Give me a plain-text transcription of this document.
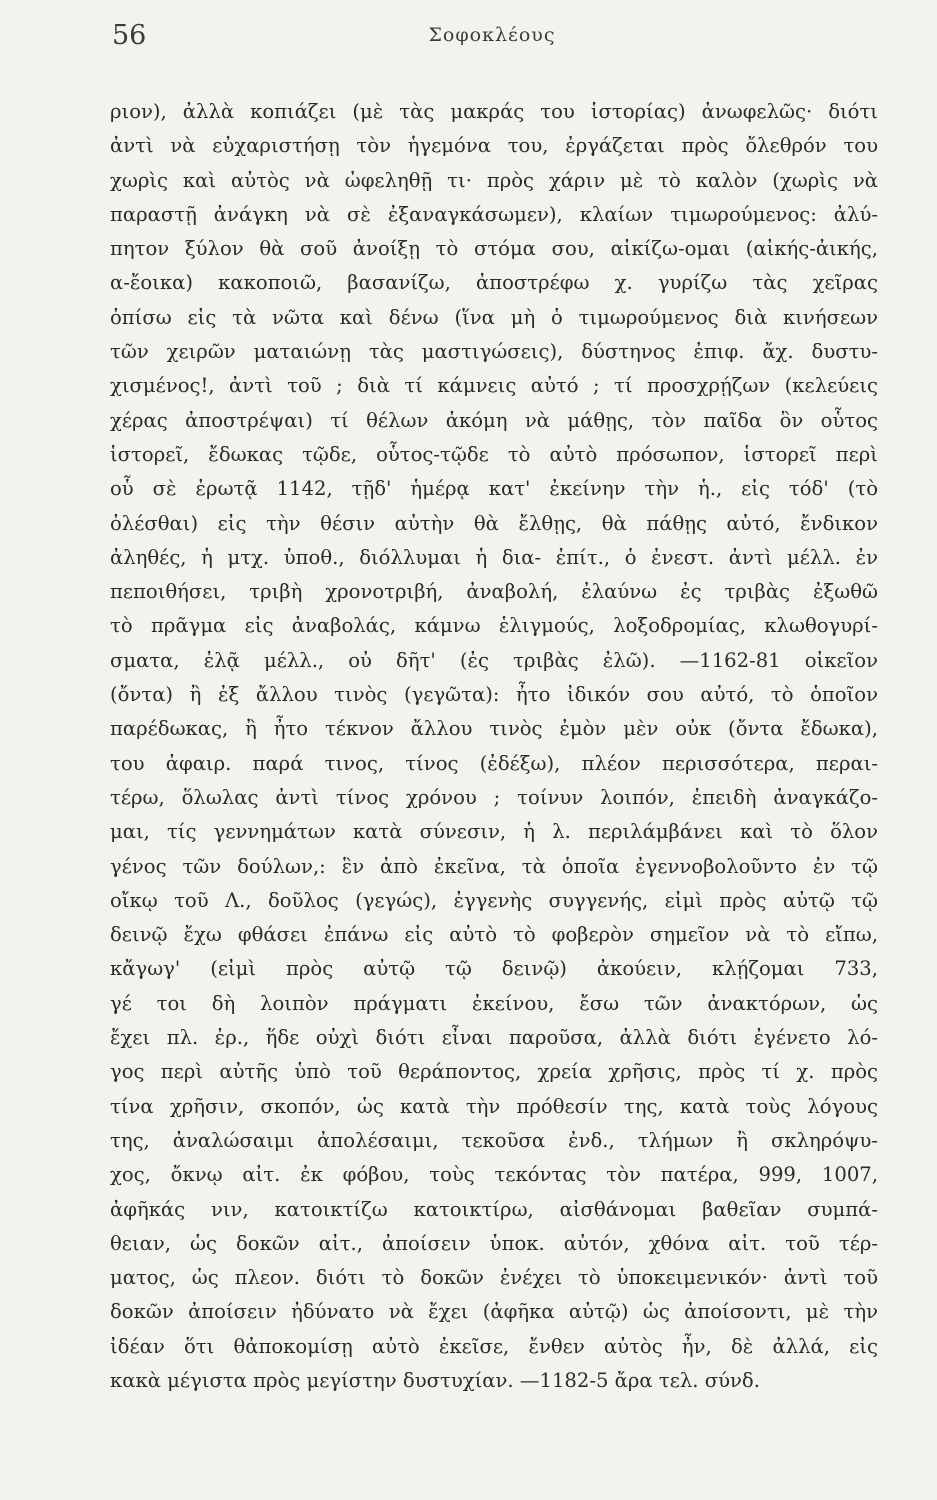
56	Σοφοκλέους
ριον), ἀλλὰ κοπιάζει (μὲ τὰς μακράς του ἱστορίας) ἀνωφελῶς· διότι
ἀντὶ νὰ εὐχαριστήσῃ τὸν ἡγεμόνα του, ἐργάζεται πρὸς ὄλεθρόν του
χωρὶς καὶ αὐτὸς νὰ ὠφεληθῇ τι· πρὸς χάριν μὲ τὸ καλὸν (χωρὶς νὰ
παραστῇ ἀνάγκη νὰ σὲ ἐξαναγκάσωμεν), κλαίων τιμωρούμενος: ἀλύ-
πητον ξύλον θὰ σοῦ ἀνοίξῃ τὸ στόμα σου, αἰκίζω-ομαι (αἰκής-ἀικής,
α-ἔοικα) κακοποιῶ, βασανίζω, ἀποστρέφω χ. γυρίζω τὰς χεῖρας
ὀπίσω εἰς τὰ νῶτα καὶ δένω (ἵνα μὴ ὁ τιμωρούμενος διὰ κινήσεων
τῶν χειρῶν ματαιώνῃ τὰς μαστιγώσεις), δύστηνος ἐπιφ. ἄχ. δυστυ-
χισμένος!, ἀντὶ τοῦ ; διὰ τί κάμνεις αὐτό ; τί προσχρῄζων (κελεύεις
χέρας ἀποστρέψαι) τί θέλων ἀκόμη νὰ μάθῃς, τὸν παῖδα ὃν οὗτος
ἱστορεῖ, ἔδωκας τῷδε, οὗτος-τῷδε τὸ αὐτὸ πρόσωπον, ἱστορεῖ περὶ
οὗ σὲ ἐρωτᾷ 1142, τῇδ' ἡμέρᾳ κατ' ἐκείνην τὴν ἡ., εἰς τόδ' (τὸ
ὀλέσθαι) εἰς τὴν θέσιν αὐτὴν θὰ ἔλθῃς, θὰ πάθῃς αὐτό, ἔνδικον
ἀληθές, ἡ μτχ. ὑποθ., διόλλυμαι ἡ δια- ἐπίτ., ὁ ἐνεστ. ἀντὶ μέλλ. ἐν
πεποιθήσει, τριβὴ χρονοτριβή, ἀναβολή, ἐλαύνω ἐς τριβὰς ἐξωθῶ
τὸ πρᾶγμα εἰς ἀναβολάς, κάμνω ἑλιγμούς, λοξοδρομίας, κλωθογυρί-
σματα, ἐλᾷ μέλλ., οὐ δῆτ' (ἐς τριβὰς ἐλῶ). —1162-81 οἰκεῖον
(ὄντα) ἢ ἐξ ἄλλου τινὸς (γεγῶτα): ἦτο ἰδικόν σου αὐτό, τὸ ὁποῖον
παρέδωκας, ἢ ἦτο τέκνον ἄλλου τινὸς ἐμὸν μὲν οὐκ (ὄντα ἔδωκα),
του ἀφαιρ. παρά τινος, τίνος (ἐδέξω), πλέον περισσότερα, περαι-
τέρω, ὅλωλας ἀντὶ τίνος χρόνου ; τοίνυν λοιπόν, ἐπειδὴ ἀναγκάζο-
μαι, τίς γεννημάτων κατὰ σύνεσιν, ἡ λ. περιλάμβάνει καὶ τὸ ὅλον
γένος τῶν δούλων,: ἓν ἀπὸ ἐκεῖνα, τὰ ὁποῖα ἐγεννοβολοῦντο ἐν τῷ
οἴκῳ τοῦ Λ., δοῦλος (γεγώς), ἐγγενὴς συγγενής, εἰμὶ πρὸς αὐτῷ τῷ
δεινῷ ἔχω φθάσει ἐπάνω εἰς αὐτὸ τὸ φοβερὸν σημεῖον νὰ τὸ εἴπω,
κἄγωγ' (εἰμὶ πρὸς αὐτῷ τῷ δεινῷ) ἀκούειν, κλῄζομαι 733,
γέ τοι δὴ λοιπὸν πράγματι ἐκείνου, ἔσω τῶν ἀνακτόρων, ὡς
ἔχει πλ. ἐρ., ἥδε οὐχὶ διότι εἶναι παροῦσα, ἀλλὰ διότι ἐγένετο λό-
γος περὶ αὐτῆς ὑπὸ τοῦ θεράποντος, χρεία χρῆσις, πρὸς τί χ. πρὸς
τίνα χρῆσιν, σκοπόν, ὡς κατὰ τὴν πρόθεσίν της, κατὰ τοὺς λόγους
της, ἀναλώσαιμι ἀπολέσαιμι, τεκοῦσα ἐνδ., τλήμων ἢ σκληρόψυ-
χος, ὄκνῳ αἰτ. ἐκ φόβου, τοὺς τεκόντας τὸν πατέρα, 999, 1007,
ἀφῆκάς νιν, κατοικτίζω κατοικτίρω, αἰσθάνομαι βαθεῖαν συμπά-
θειαν, ὡς δοκῶν αἰτ., ἀποίσειν ὑποκ. αὐτόν, χθόνα αἰτ. τοῦ τέρ-
ματος, ὡς πλεον. διότι τὸ δοκῶν ἐνέχει τὸ ὑποκειμενικόν· ἀντὶ τοῦ
δοκῶν ἀποίσειν ἠδύνατο νὰ ἔχει (ἀφῆκα αὐτῷ) ὡς ἀποίσοντι, μὲ τὴν
ἰδέαν ὅτι θἀποκομίσῃ αὐτὸ ἐκεῖσε, ἔνθεν αὐτὸς ἦν, δὲ ἀλλά, εἰς
κακὰ μέγιστα πρὸς μεγίστην δυστυχίαν. —1182-5 ἄρα τελ. σύνδ.
